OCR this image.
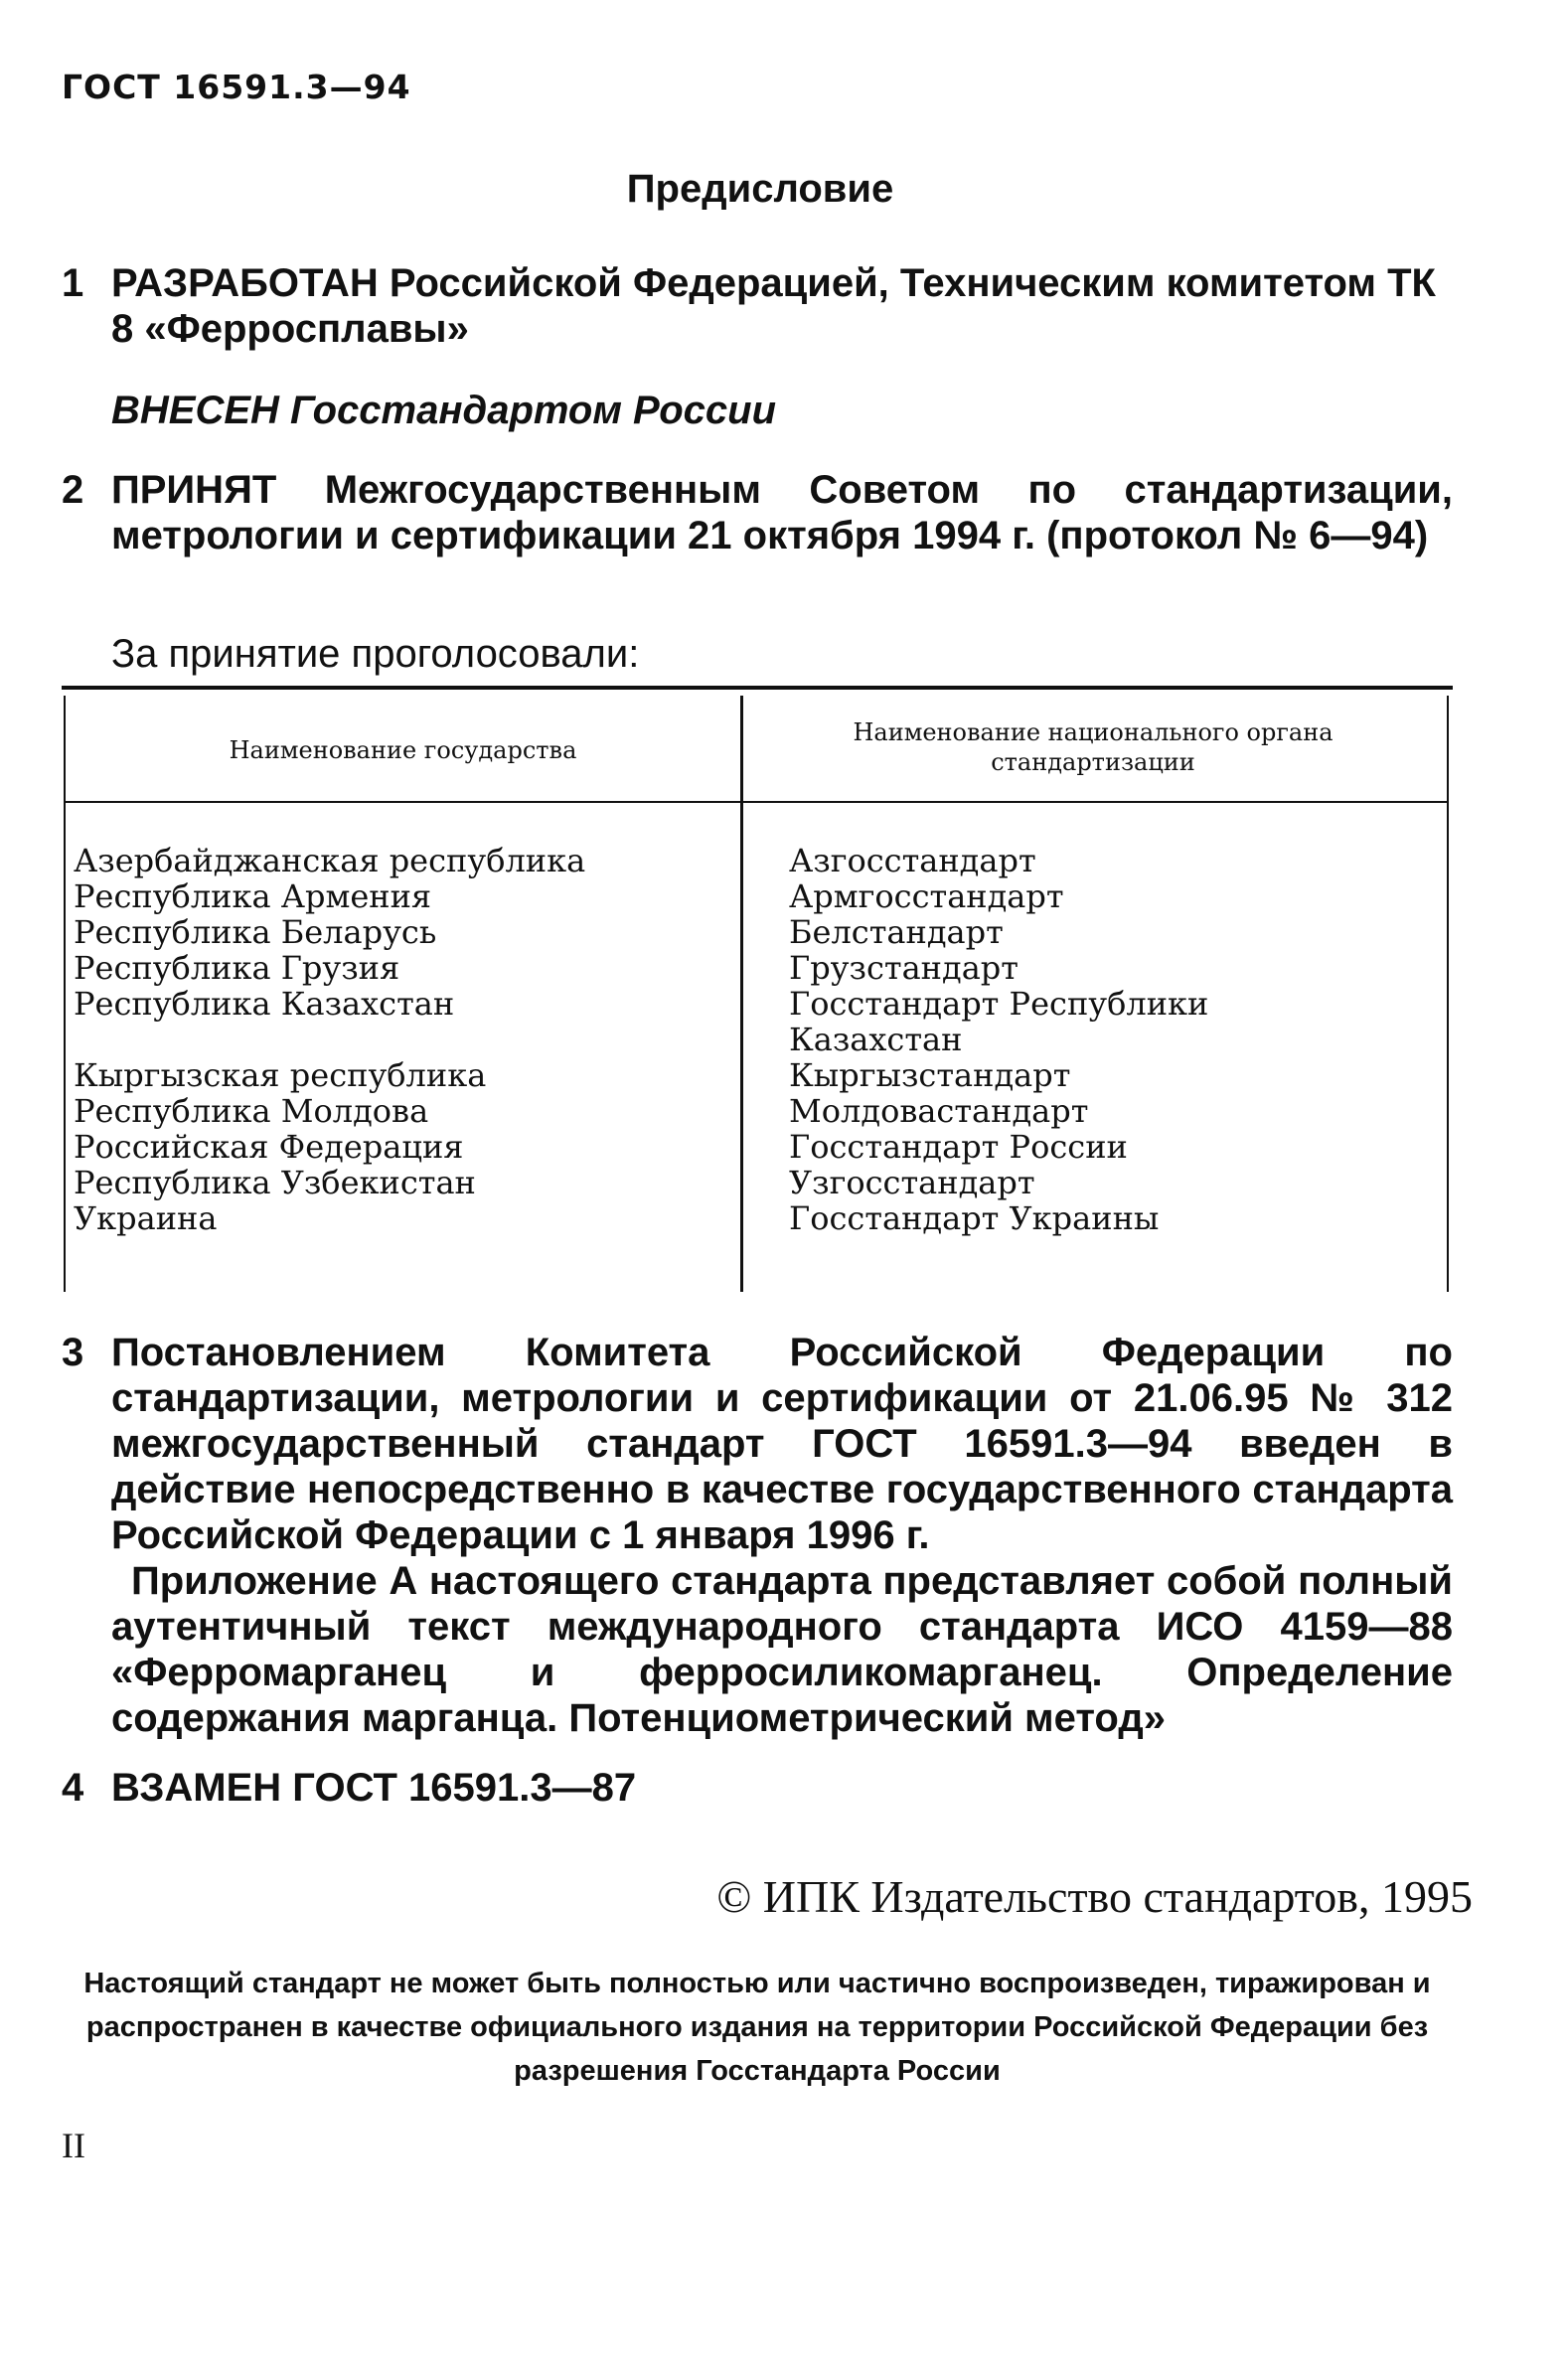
ГОСТ 16591.3—94
Предисловие
1 РАЗРАБОТАН Российской Федерацией, Техническим комитетом ТК 8 «Ферросплавы»
ВНЕСЕН Госстандартом России
2 ПРИНЯТ Межгосударственным Советом по стандартизации, метрологии и сертификации 21 октября 1994 г. (протокол № 6—94)
За принятие проголосовали:
Наименование государства
Наименование национального органа стандартизации
Азербайджанская республика
Республика Армения
Республика Беларусь
Республика Грузия
Республика Казахстан
Кыргызская республика
Республика Молдова
Российская Федерация
Республика Узбекистан
Украина
Азгосстандарт
Армгосстандарт
Белстандарт
Грузстандарт
Госстандарт Республики
Казахстан
Кыргызстандарт
Молдовастандарт
Госстандарт России
Узгосстандарт
Госстандарт Украины
3 Постановлением Комитета Российской Федерации по стандартизации, метрологии и сертификации от 21.06.95 № 312 межгосударственный стандарт ГОСТ 16591.3—94 введен в действие непосредственно в качестве государственного стандарта Российской Федерации с 1 января 1996 г.
Приложение А настоящего стандарта представляет собой полный аутентичный текст международного стандарта ИСО 4159—88 «Ферромарганец и ферросиликомарганец. Определение содержания марганца. Потенциометрический метод»
4 ВЗАМЕН ГОСТ 16591.3—87
© ИПК Издательство стандартов, 1995
Настоящий стандарт не может быть полностью или частично воспроизведен, тиражирован и распространен в качестве официального издания на территории Российской Федерации без разрешения Госстандарта России
II
